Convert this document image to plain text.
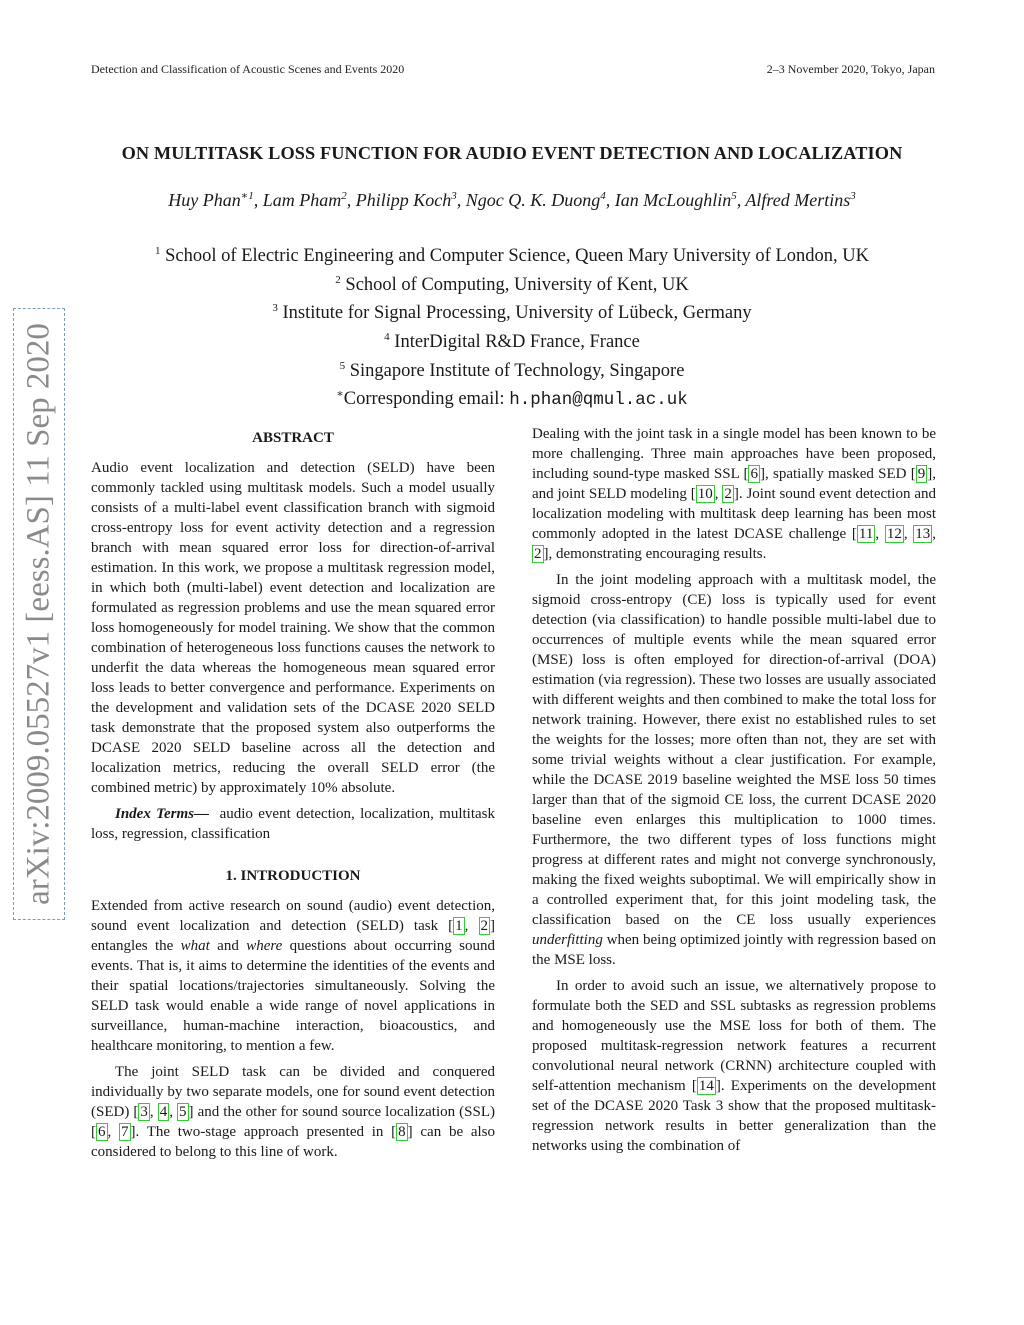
Detection and Classification of Acoustic Scenes and Events 2020	2–3 November 2020, Tokyo, Japan
ON MULTITASK LOSS FUNCTION FOR AUDIO EVENT DETECTION AND LOCALIZATION
Huy Phan$^{∗1}$, Lam Pham$^2$, Philipp Koch$^3$, Ngoc Q. K. Duong$^4$, Ian McLoughlin$^5$, Alfred Mertins$^3$
$^1$ School of Electric Engineering and Computer Science, Queen Mary University of London, UK
$^2$ School of Computing, University of Kent, UK
$^3$ Institute for Signal Processing, University of Lübeck, Germany
$^4$ InterDigital R&D France, France
$^5$ Singapore Institute of Technology, Singapore
∗Corresponding email: h.phan@qmul.ac.uk
arXiv:2009.05527v1 [eess.AS] 11 Sep 2020	ABSTRACT

Audio event localization and detection (SELD) have been commonly tackled using multitask models. Such a model usually consists of a multi-label event classification branch with sigmoid cross-entropy loss for event activity detection and a regression branch with mean squared error loss for direction-of-arrival estimation. In this work, we propose a multitask regression model, in which both (multi-label) event detection and localization are formulated as regression problems and use the mean squared error loss homogeneously for model training. We show that the common combination of heterogeneous loss functions causes the network to underfit the data whereas the homogeneous mean squared error loss leads to better convergence and performance. Experiments on the development and validation sets of the DCASE 2020 SELD task demonstrate that the proposed system also outperforms the DCASE 2020 SELD baseline across all the detection and localization metrics, reducing the overall SELD error (the combined metric) by approximately 10% absolute.

Index Terms— audio event detection, localization, multitask loss, regression, classification

1. INTRODUCTION

Extended from active research on sound (audio) event detection, sound event localization and detection (SELD) task [ 1 , 2 ] entangles the what and where questions about occurring sound events. That is, it aims to determine the identities of the events and their spatial locations/trajectories simultaneously. Solving the SELD task would enable a wide range of novel applications in surveillance, human-machine interaction, bioacoustics, and healthcare monitoring, to mention a few.

The joint SELD task can be divided and conquered individually by two separate models, one for sound event detection (SED) [ 3 , 4 , 5 ] and the other for sound source localization (SSL) [ 6 , 7 ]. The two-stage approach presented in [ 8 ] can be also considered to belong to this line of work.

Dealing with the joint task in a single model has been known to be more challenging. Three main approaches have been proposed, including sound-type masked SSL [ 6 ], spatially masked SED [ 9 ], and joint SELD modeling [ 10 , 2 ]. Joint sound event detection and localization modeling with multitask deep learning has been most commonly adopted in the latest DCASE challenge [ 11 , 12 , 13 , 2 ], demonstrating encouraging results.

In the joint modeling approach with a multitask model, the sigmoid cross-entropy (CE) loss is typically used for event detection (via classification) to handle possible multi-label due to occurrences of multiple events while the mean squared error (MSE) loss is often employed for direction-of-arrival (DOA) estimation (via regression). These two losses are usually associated with different weights and then combined to make the total loss for network training. However, there exist no established rules to set the weights for the losses; more often than not, they are set with some trivial weights without a clear justification. For example, while the DCASE 2019 baseline weighted the MSE loss 50 times larger than that of the sigmoid CE loss, the current DCASE 2020 baseline even enlarges this multiplication to 1000 times. Furthermore, the two different types of loss functions might progress at different rates and might not converge synchronously, making the fixed weights suboptimal. We will empirically show in a controlled experiment that, for this joint modeling task, the classification based on the CE loss usually experiences underfitting when being optimized jointly with regression based on the MSE loss.

In order to avoid such an issue, we alternatively propose to formulate both the SED and SSL subtasks as regression problems and homogeneously use the MSE loss for both of them. The proposed multitask-regression network features a recurrent convolutional neural network (CRNN) architecture coupled with self-attention mechanism [ 14 ]. Experiments on the development set of the DCASE 2020 Task 3 show that the proposed multitask-regression network results in better generalization than the networks using the combination of
